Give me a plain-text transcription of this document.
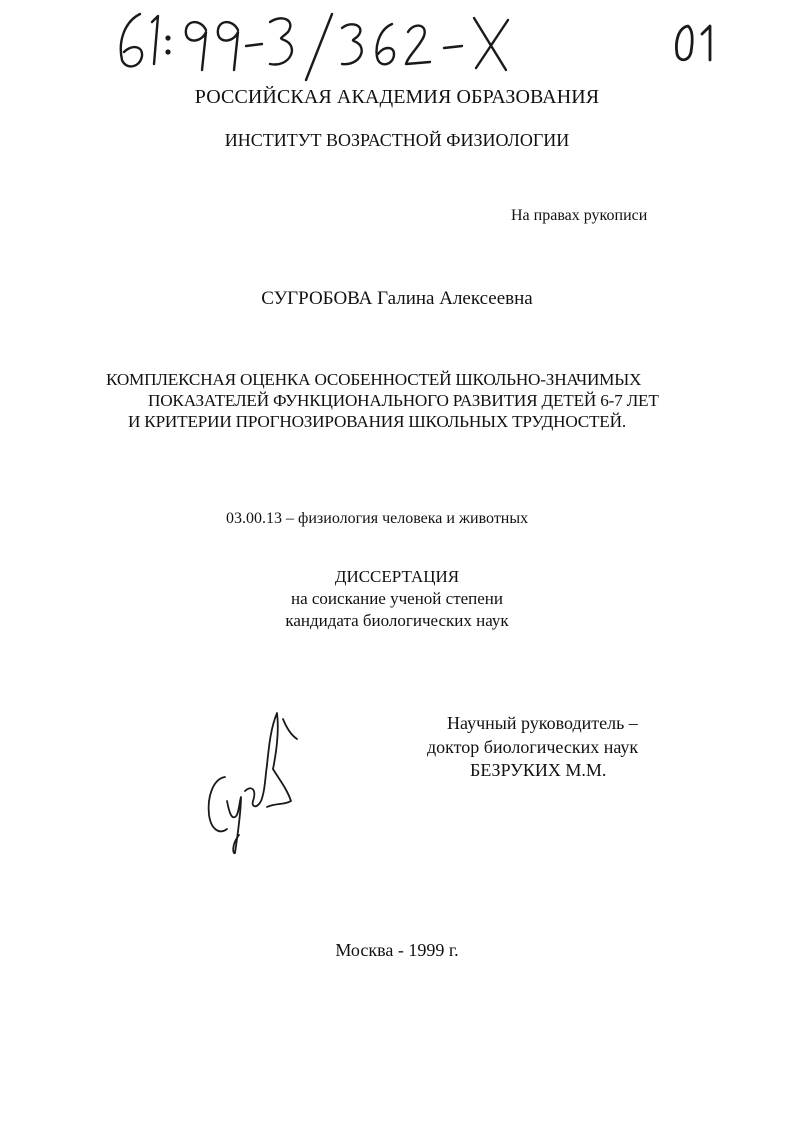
РОССИЙСКАЯ АКАДЕМИЯ ОБРАЗОВАНИЯ
ИНСТИТУТ ВОЗРАСТНОЙ ФИЗИОЛОГИИ
На правах рукописи
СУГРОБОВА Галина Алексеевна
КОМПЛЕКСНАЯ ОЦЕНКА ОСОБЕННОСТЕЙ ШКОЛЬНО-ЗНАЧИМЫХ
ПОКАЗАТЕЛЕЙ ФУНКЦИОНАЛЬНОГО РАЗВИТИЯ ДЕТЕЙ 6-7 ЛЕТ
И КРИТЕРИИ ПРОГНОЗИРОВАНИЯ ШКОЛЬНЫХ ТРУДНОСТЕЙ.
03.00.13 – физиология человека и животных
ДИССЕРТАЦИЯ
на соискание ученой степени
кандидата биологических наук
Научный руководитель –
доктор биологических наук
БЕЗРУКИХ М.М.
Москва - 1999 г.
